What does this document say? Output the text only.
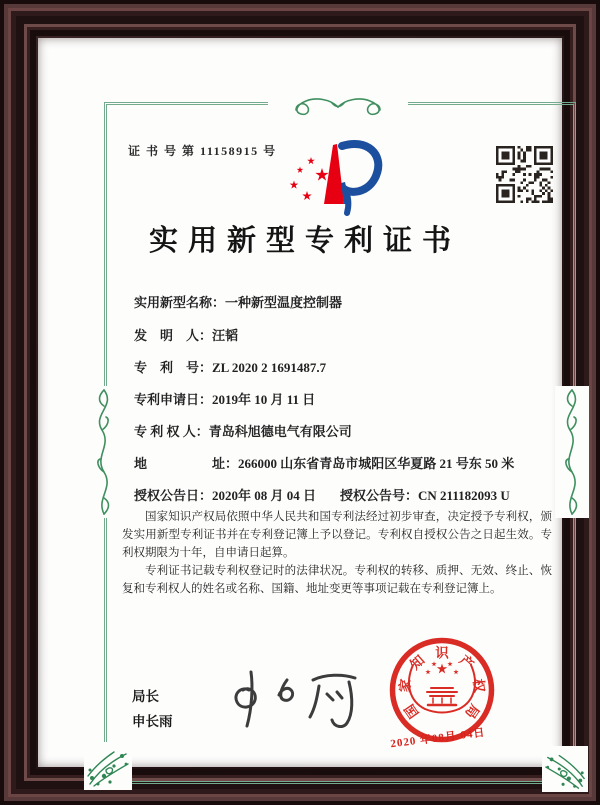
证 书 号 第 11158915 号
实用新型专利证书
实用新型名称：一种新型温度控制器
发　明　人：汪韬
专　利　号：ZL 2020 2 1691487.7
专利申请日：2019年 10 月 11 日
专 利 权 人：青岛科旭德电气有限公司
地　　　　　址：266000 山东省青岛市城阳区华夏路 21 号东 50 米
授权公告日：2020年 08 月 04 日 授权公告号：CN 211182093 U

国家知识产权局依照中华人民共和国专利法经过初步审查，决定授予专利权，颁发实用新型专利证书并在专利登记簿上予以登记。专利权自授权公告之日起生效。专利权期限为十年，自申请日起算。

专利证书记载专利权登记时的法律状况。专利权的转移、质押、无效、终止、恢复和专利权人的姓名或名称、国籍、地址变更等事项记载在专利登记簿上。

局长
申长雨
国
家
知 识 产
权
局
2020 年08月 04日
